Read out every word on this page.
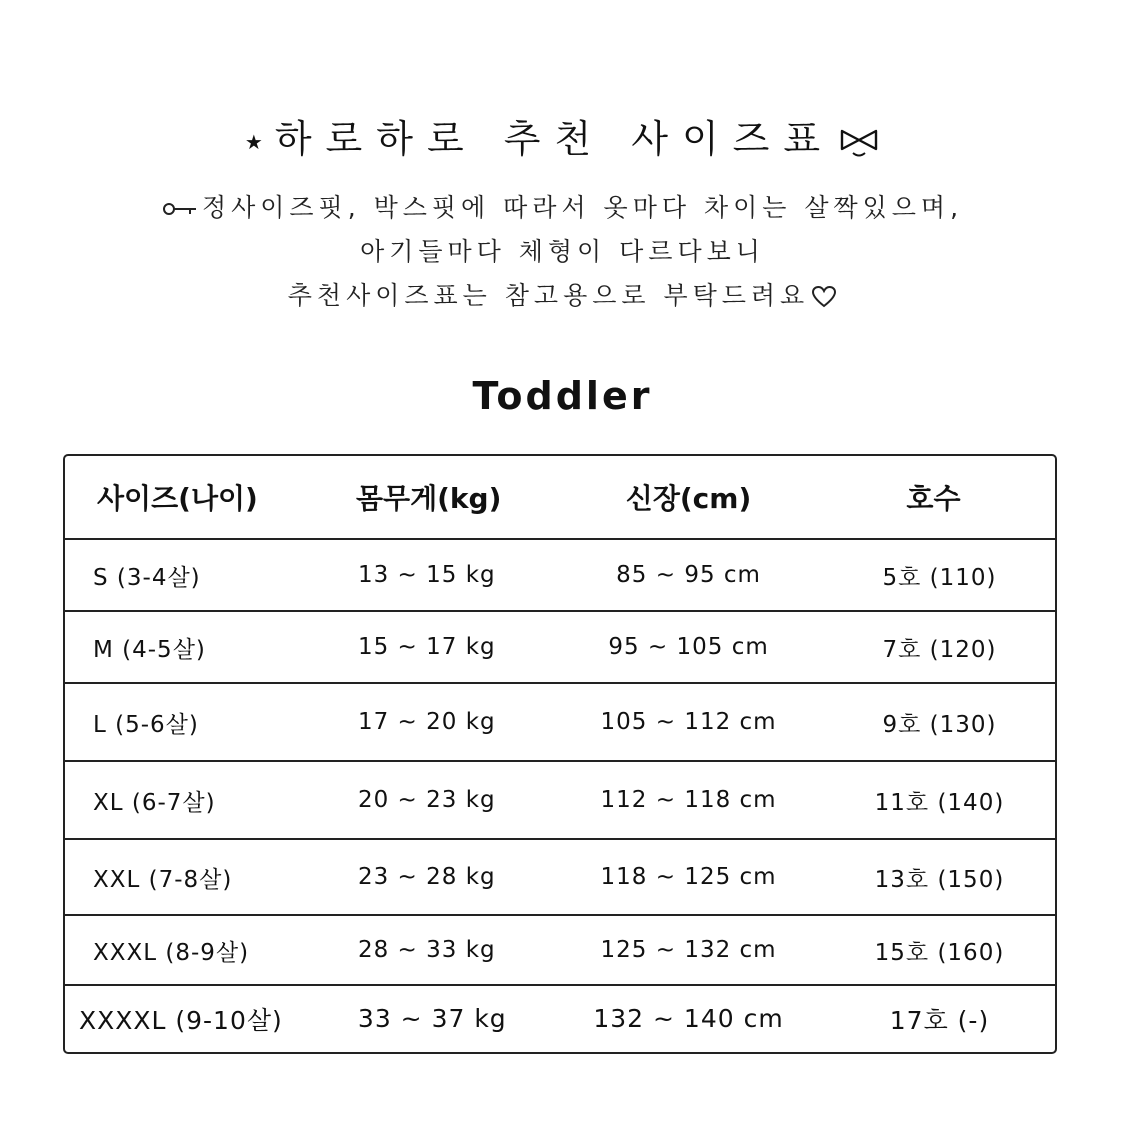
★ 하로하로 추천 사이즈표
정사이즈핏, 박스핏에 따라서 옷마다 차이는 살짝있으며,
아기들마다 체형이 다르다보니
추천사이즈표는 참고용으로 부탁드려요
Toddler
사이즈(나이)	몸무게(kg)	신장(cm)	호수
S (3-4살)	13 ~ 15 kg	85 ~ 95 cm	5호 (110)
M (4-5살)	15 ~ 17 kg	95 ~ 105 cm	7호 (120)
L (5-6살)	17 ~ 20 kg	105 ~ 112 cm	9호 (130)
XL (6-7살)	20 ~ 23 kg	112 ~ 118 cm	11호 (140)
XXL (7-8살)	23 ~ 28 kg	118 ~ 125 cm	13호 (150)
XXXL (8-9살)	28 ~ 33 kg	125 ~ 132 cm	15호 (160)
XXXXL (9-10살)	33 ~ 37 kg	132 ~ 140 cm	17호 (-)
